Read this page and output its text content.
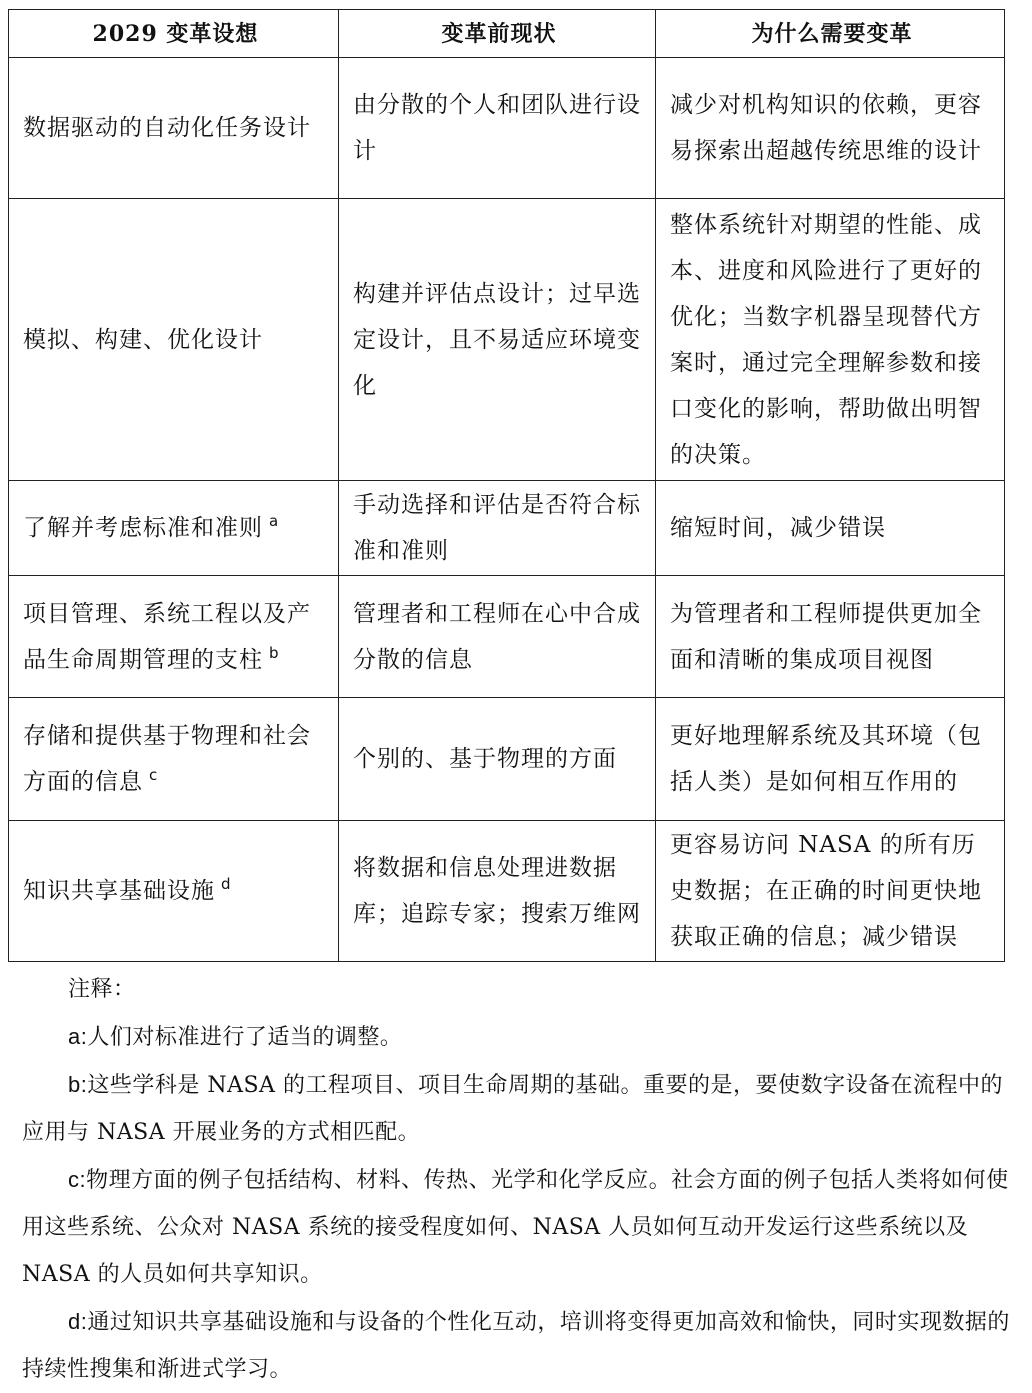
2029 变革设想	变革前现状	为什么需要变革
数据驱动的自动化任务设计	由分散的个人和团队进行设计	减少对机构知识的依赖，更容易探索出超越传统思维的设计
模拟、构建、优化设计	构建并评估点设计；过早选定设计，且不易适应环境变化	整体系统针对期望的性能、成本、进度和风险进行了更好的优化；当数字机器呈现替代方案时，通过完全理解参数和接口变化的影响，帮助做出明智的决策。
了解并考虑标准和准则 $^a$	手动选择和评估是否符合标准和准则	缩短时间，减少错误
项目管理、系统工程以及产品生命周期管理的支柱 $^b$	管理者和工程师在心中合成分散的信息	为管理者和工程师提供更加全面和清晰的集成项目视图
存储和提供基于物理和社会方面的信息 $^c$	个别的、基于物理的方面	更好地理解系统及其环境（包括人类）是如何相互作用的
知识共享基础设施 $^d$	将数据和信息处理进数据库；追踪专家；搜索万维网	更容易访问 NASA 的所有历史数据；在正确的时间更快地获取正确的信息；减少错误

注释：

a:人们对标准进行了适当的调整。

b:这些学科是 NASA 的工程项目、项目生命周期的基础。重要的是，要使数字设备在流程中的应用与 NASA 开展业务的方式相匹配。

c:物理方面的例子包括结构、材料、传热、光学和化学反应。社会方面的例子包括人类将如何使用这些系统、公众对 NASA 系统的接受程度如何、NASA 人员如何互动开发运行这些系统以及 NASA 的人员如何共享知识。

d:通过知识共享基础设施和与设备的个性化互动，培训将变得更加高效和愉快，同时实现数据的持续性搜集和渐进式学习。
